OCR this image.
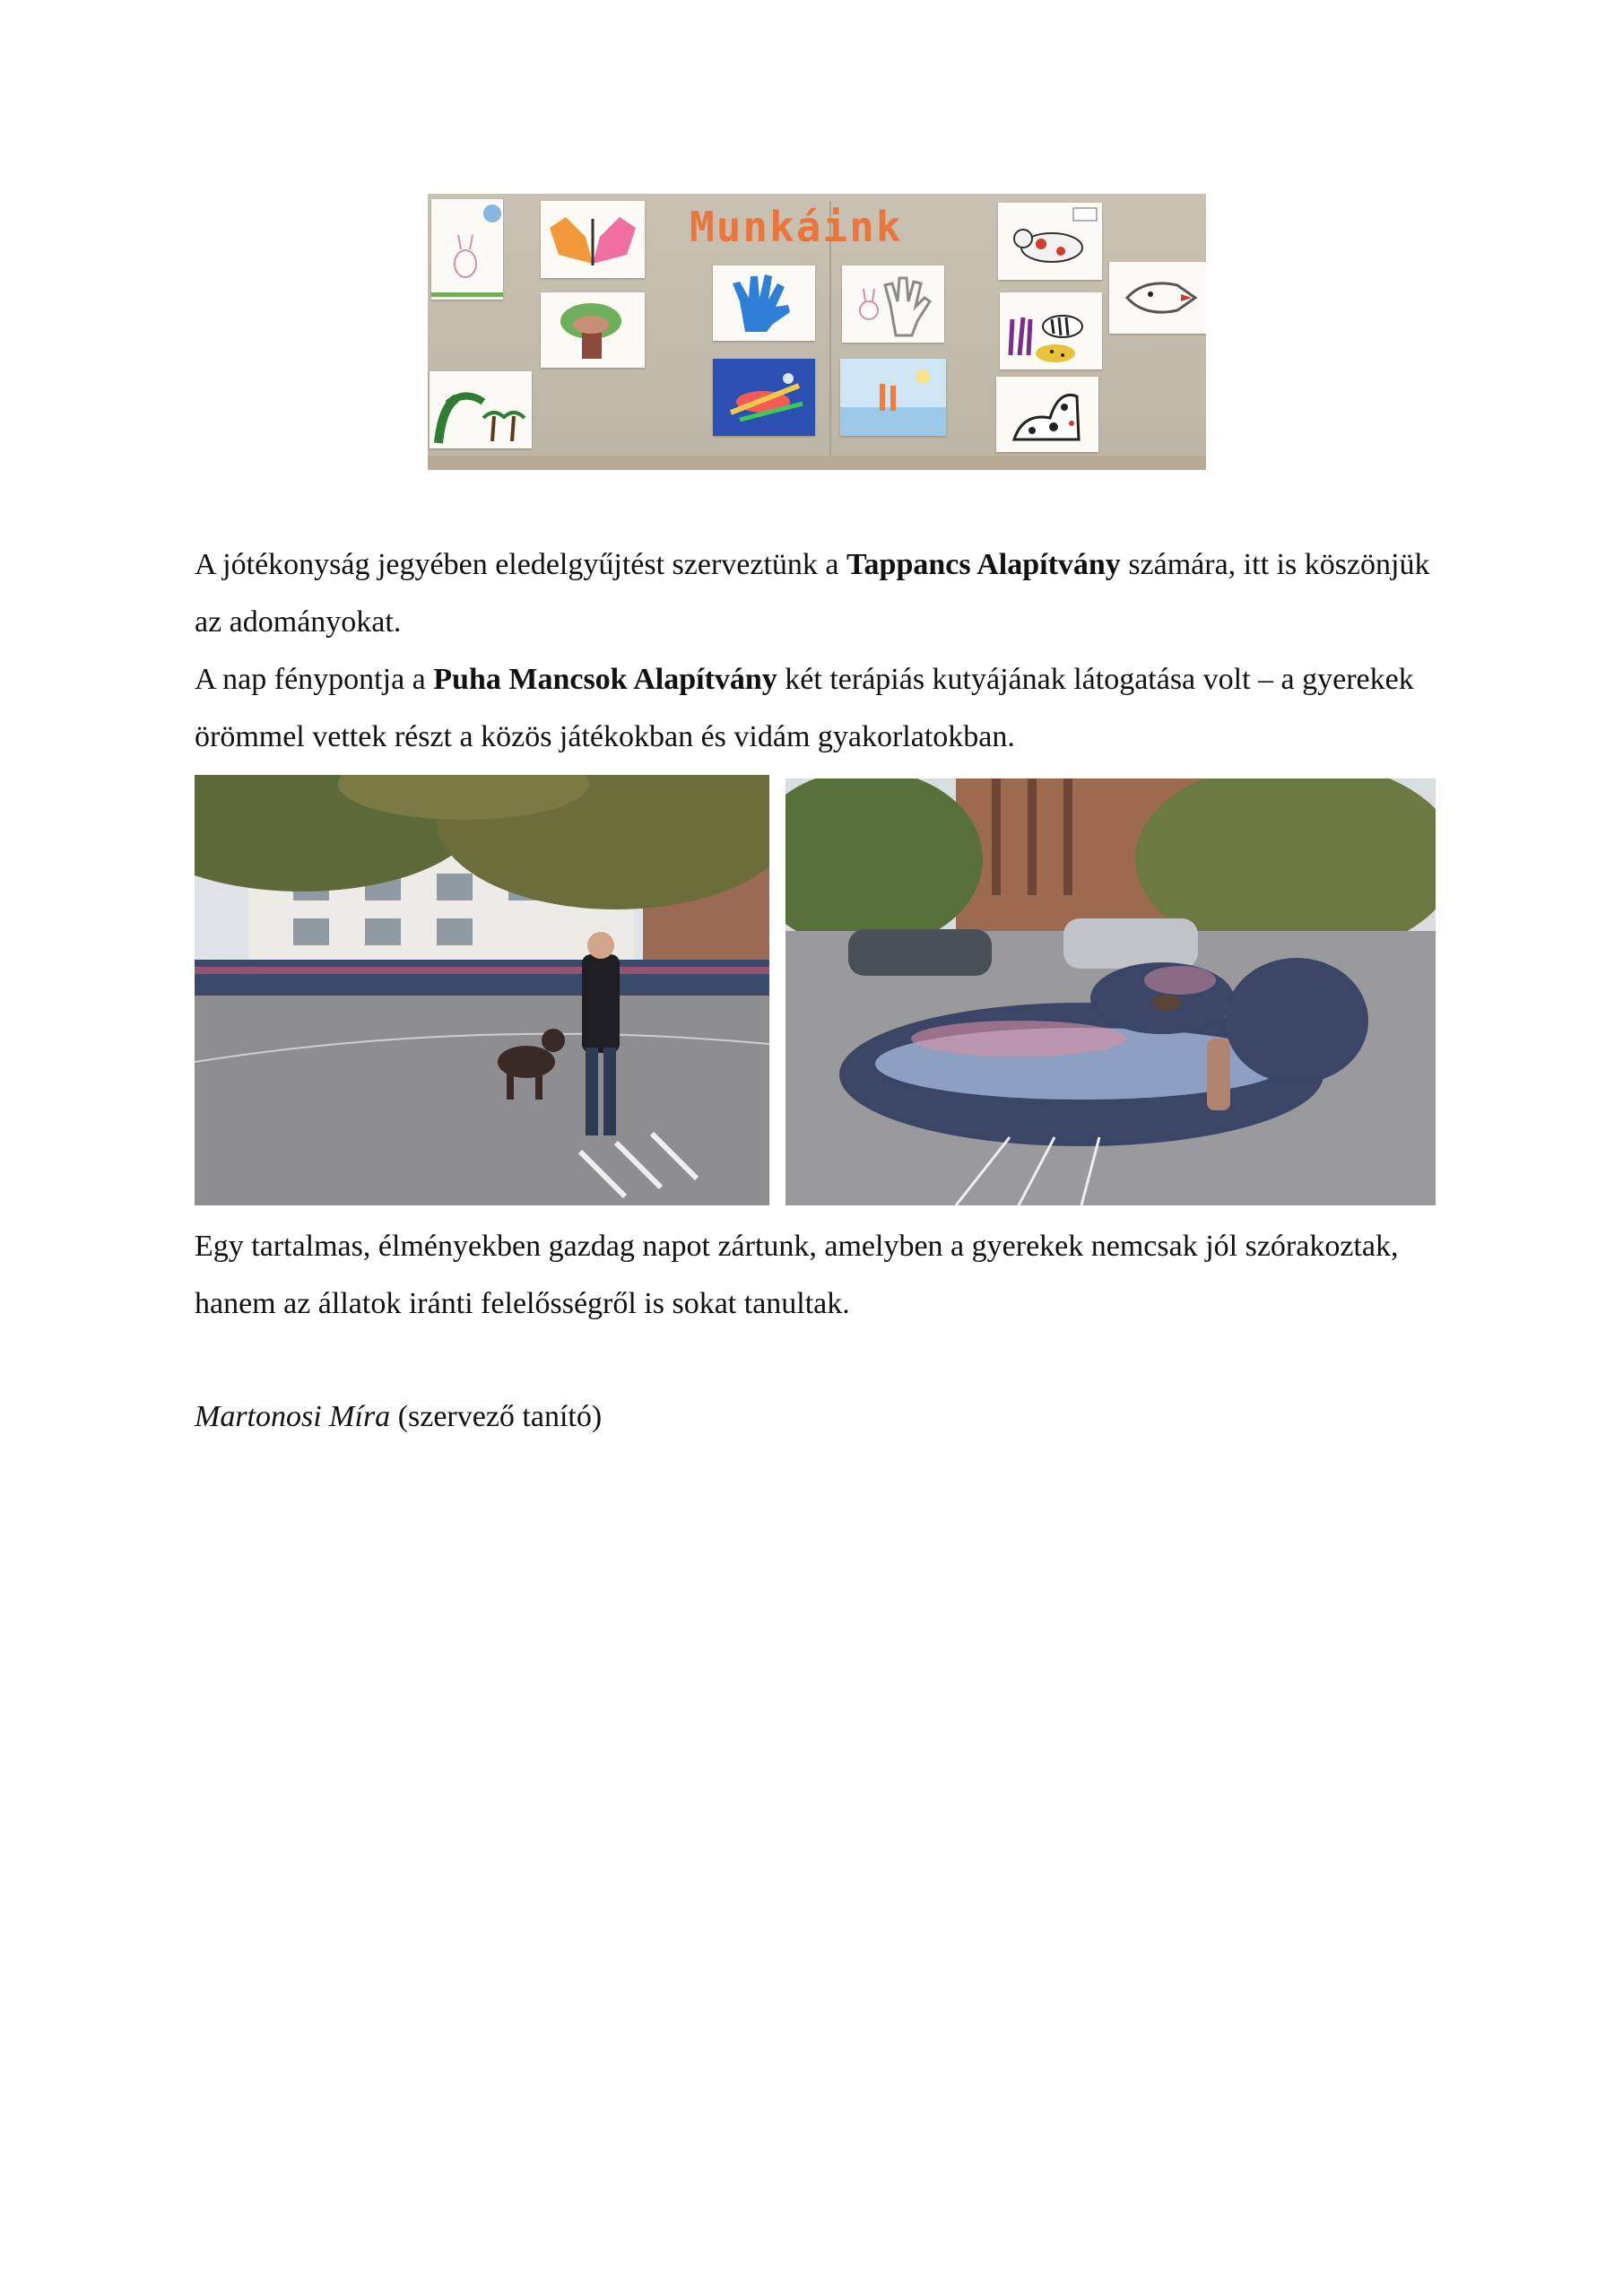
Munkáink

A jótékonyság jegyében eledelgyűjtést szerveztünk a Tappancs Alapítvány számára, itt is köszönjük az adományokat.

A nap fénypontja a Puha Mancsok Alapítvány két terápiás kutyájának látogatása volt – a gyerekek örömmel vettek részt a közös játékokban és vidám gyakorlatokban.

Egy tartalmas, élményekben gazdag napot zártunk, amelyben a gyerekek nemcsak jól szórakoztak, hanem az állatok iránti felelősségről is sokat tanultak.

Martonosi Míra (szervező tanító)
